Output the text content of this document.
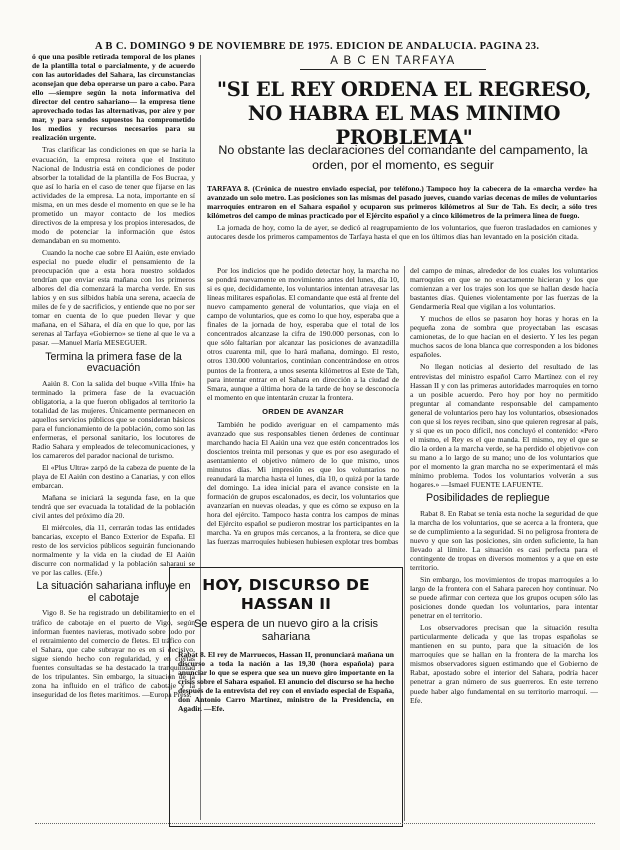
A B C. DOMINGO 9 DE NOVIEMBRE DE 1975. EDICION DE ANDALUCIA. PAGINA 23.

ó que una posible retirada temporal de los planes de la plantilla total o parcialmente, y de acuerdo con las autoridades del Sahara, las circunstancias aconsejan que deba operarse un paro a cabo. Para ello —siempre según la nota informativa del director del centro sahariano— la empresa tiene aprovechado todas las alternativas, por aire y por mar, y para sendos supuestos ha comprometido los medios y recursos necesarios para su realización urgente.

Tras clarificar las condiciones en que se haría la evacuación, la empresa reitera que el Instituto Nacional de Industria está en condiciones de poder absorber la totalidad de la plantilla de Fos Bucraa, y que así lo haría en el caso de tener que fijarse en las actividades de la empresa. La nota, importante en sí misma, en un mes desde el momento en que se le ha prometido un mayor contacto de los medios directivos de la empresa y los propios interesados, de modo de potenciar la información que éstos demandaban en su momento.

Cuando la noche cae sobre El Aaiún, este enviado especial no puede eludir el pensamiento de la preocupación que a esta hora nuestro soldados tendrían que enviar esta mañana con los primeros albores del día comenzará la marcha verde. En sus labios y en sus silbidos había una serena, acaecía de miles de fe y de sacrificios, y entiende que no por ser tomar en cuenta de lo que pueden llevar y que mañana, en el Sáhara, el día en que lo que, por las serenas al Tarfaya «Gobierno» se tiene al que le va a pasar. —Manuel María MESEGUER.

Termina la primera fase de la evacuación

Aaiún 8. Con la salida del buque «Villa Ifni» ha terminado la primera fase de la evacuación obligatoria, a la que fueron obligados al territorio la totalidad de las mujeres. Únicamente permanecen en aquellos servicios públicos que se consideran básicos para el funcionamiento de la población, como son las enfermeras, el personal sanitario, los locutores de Radio Sahara y empleados de telecomunicaciones, y los camareros del parador nacional de turismo.

El «Plus Ultra» zarpó de la cabeza de puente de la playa de El Aaiún con destino a Canarias, y con ellos embarcan.

Mañana se iniciará la segunda fase, en la que tendrá que ser evacuada la totalidad de la población civil antes del próximo día 20.

El miércoles, día 11, cerrarán todas las entidades bancarias, excepto el Banco Exterior de España. El resto de los servicios públicos seguirán funcionando normalmente y la vida en la ciudad de El Aaiún discurre con normalidad y la población saharaui se ve por las calles. (Efe.)

La situación sahariana influye en el cabotaje

Vigo 8. Se ha registrado un debilitamiento en el tráfico de cabotaje en el puerto de Vigo, según informan fuentes navieras, motivado sobre todo por el retraimiento del comercio de fletes. El tráfico con el Sahara, que cabe subrayar no es en sí decisivo, sigue siendo hecho con regularidad, y en ciertas fuentes consultadas se ha destacado la tranquilidad de los tripulantes. Sin embargo, la situación de la zona ha influido en el tráfico de cabotaje y la inseguridad de los fletes marítimos. —Europa Press.

A B C EN TARFAYA
"SI EL REY ORDENA EL REGRESO, NO HABRA EL MAS MINIMO PROBLEMA"
No obstante las declaraciones del comandante del campamento, la orden, por el momento, es seguir

TARFAYA 8. (Crónica de nuestro enviado especial, por teléfono.) Tampoco hoy la cabecera de la «marcha verde» ha avanzado un solo metro. Las posiciones son las mismas del pasado jueves, cuando varias decenas de miles de voluntarios marroquíes entraron en el Sahara español y ocuparon sus primeros kilómetros al Sur de Tah. Es decir, a sólo tres kilómetros del campo de minas practicado por el Ejército español y a cinco kilómetros de la primera línea de fuego.

La jornada de hoy, como la de ayer, se dedicó al reagrupamiento de los voluntarios, que fueron trasladados en camiones y autocares desde los primeros campamentos de Tarfaya hasta el que en los últimos días han levantado en la posición citada.

Por los indicios que he podido detectar hoy, la marcha no se pondrá nuevamente en movimiento antes del lunes, día 10, si es que, decididamente, los voluntarios intentan atravesar las líneas militares españolas. El comandante que está al frente del nuevo campamento general de voluntarios, que viaja en el campo de voluntarios, que es como lo que hoy, esperaba que a finales de la jornada de hoy, esperaba que el total de los concentrados alcanzase la cifra de 190.000 personas, con lo que sólo faltarían por alcanzar las posiciones de avanzadilla otros cuarenta mil, que lo hará mañana, domingo. El resto, otros 130.000 voluntarios, continúan concentrándose en otros puntos de la frontera, a unos sesenta kilómetros al Este de Tah, para intentar entrar en el Sahara en dirección a la ciudad de Smara, aunque a última hora de la tarde de hoy se desconocía el momento en que intentarán cruzar la frontera.

ORDEN DE AVANZAR

También he podido averiguar en el campamento más avanzado que sus responsables tienen órdenes de continuar marchando hacia El Aaiún una vez que estén concentrados los doscientos treinta mil personas y que es por eso asegurado el asentamiento el objetivo número de lo que mismo, unos minutos días. Mi impresión es que los voluntarios no reanudará la marcha hasta el lunes, día 10, o quizá por la tarde del domingo. La idea inicial para el avance consiste en la formación de grupos escalonados, es decir, los voluntarios que avanzarían en nuevas oleadas, y que es cómo se expuso en la hora del ejército. Tampoco hasta contra los campos de minas del Ejército español se pudieron mostrar los participantes en la marcha. Ya en grupos más cercanos, a la frontera, se dice que las fuerzas marroquíes hubiesen hubiesen explotar tres bombas

HOY, DISCURSO DE HASSAN II
Se espera de un nuevo giro a la crisis sahariana

Rabat 8. El rey de Marruecos, Hassan II, pronunciará mañana un discurso a toda la nación a las 19,30 (hora española) para anunciar lo que se espera que sea un nuevo giro importante en la crisis sobre el Sahara español. El anuncio del discurso se ha hecho después de la entrevista del rey con el enviado especial de España, don Antonio Carro Martínez, ministro de la Presidencia, en Agadir. —Efe.

del campo de minas, alrededor de los cuales los voluntarios marroquíes en que se no exactamente hicieran y los que comienzan a ver los trajes son los que se hallan desde hacía bastantes días. Quienes violentamente por las fuerzas de la Gendarmería Real que vigilan a los voluntarios.

Y muchos de ellos se pasaron hoy horas y horas en la pequeña zona de sombra que proyectaban las escasas camionetas, de lo que hacían en el desierto. Y les les pegan muchos sacos de lona blanca que corresponden a los bidones españoles.

No llegan noticias al desierto del resultado de las entrevistas del ministro español Carro Martínez con el rey Hassan II y con las primeras autoridades marroquíes en torno a un posible acuerdo. Pero hoy por hoy no permitido preguntar al comandante responsable del campamento general de voluntarios pero hay los voluntarios, obsesionados con que si los reyes reciban, sino que quieren regresar al país, y si que es un poco difícil, nos concluyó el contenido: «Pero el mismo, el Rey es el que manda. El mismo, rey el que se dio la orden a la marcha verde, se ha perdido el objetivo» con su mano a lo largo de su mano; uno de los voluntarios que por el momento la gran marcha no se experimentará el más mínimo problema. Todos los voluntarios volverán a sus hogares.» —Ismael FUENTE LAFUENTE.

Posibilidades de repliegue

Rabat 8. En Rabat se tenía esta noche la seguridad de que la marcha de los voluntarios, que se acerca a la frontera, que se de cumplimiento a la seguridad. Si no peligrosa frontera de nuevo y que son las posiciones, sin orden suficiente, la han llevado al límite. La situación es casi perfecta para el contingente de tropas en diversos momentos y a que en este territorio.

Sin embargo, los movimientos de tropas marroquíes a lo largo de la frontera con el Sahara parecen hoy continuar. No se puede afirmar con certeza que los grupos ocupen sólo las posiciones donde quedan los voluntarios, para intentar penetrar en el territorio.

Los observadores precisan que la situación resulta particularmente delicada y que las tropas españolas se mantienen en su punto, para que la situación de los marroquíes que se hallan en la frontera de la marcha los mismos observadores siguen estimando que el Gobierno de Rabat, apostado sobre el interior del Sahara, podría hacer penetrar a gran número de sus guerreros. En este terreno puede haber algo fundamental en su territorio marroquí. —Efe.
